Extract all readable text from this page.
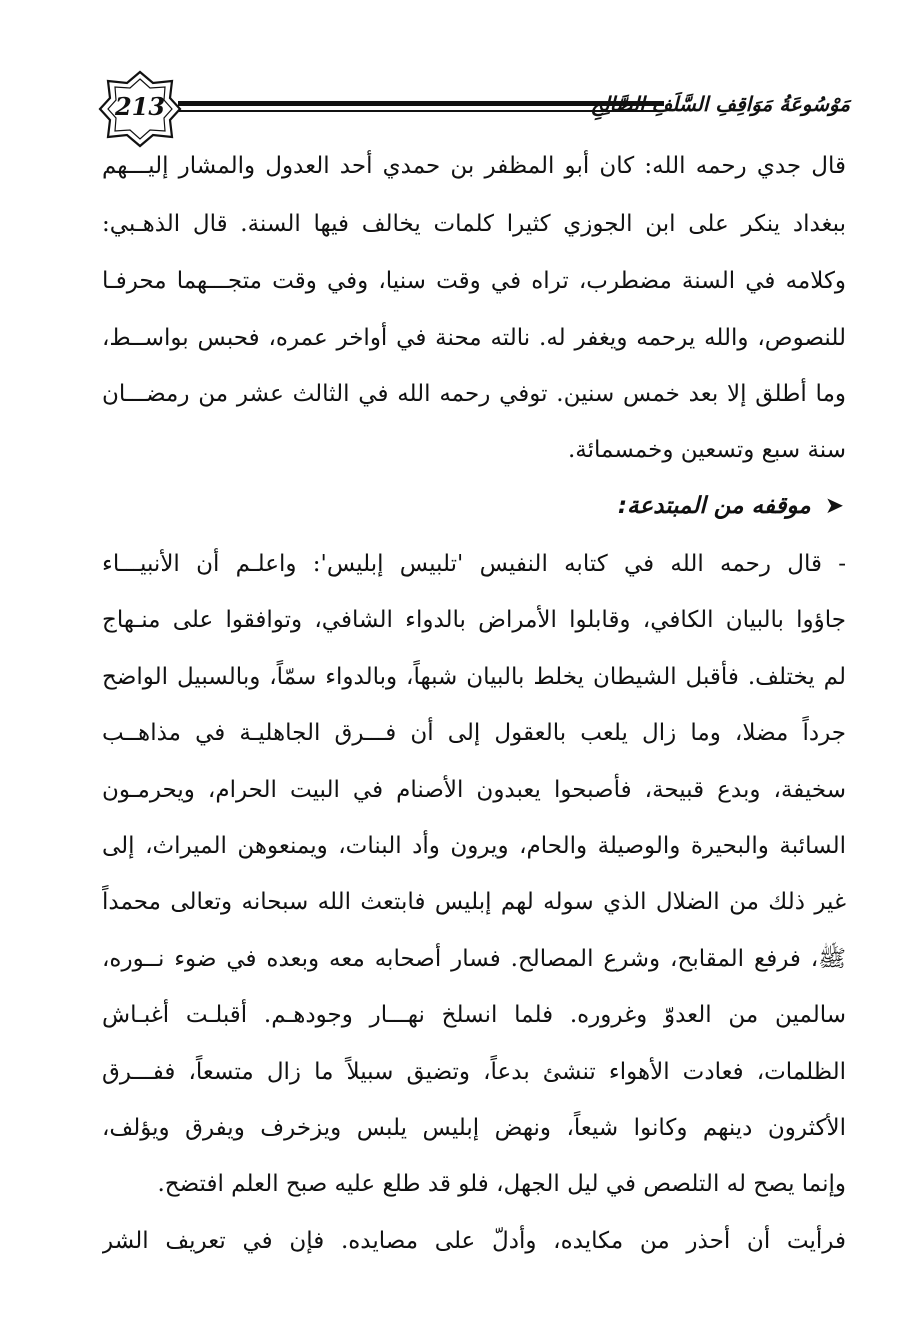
213	مَوْسُوعَةُ مَوَاقِفِ السَّلَفِ الصَّالِحِ
قال جدي رحمه الله: كان أبو المظفر بن حمدي أحد العدول والمشار إليـــهم
ببغداد ينكر على ابن الجوزي كثيرا كلمات يخالف فيها السنة. قال الذهـبي:
وكلامه في السنة مضطرب، تراه في وقت سنيا، وفي وقت متجـــهما محرفـا
للنصوص، والله يرحمه ويغفر له. نالته محنة في أواخر عمره، فحبس بواســط،
وما أطلق إلا بعد خمس سنين. توفي رحمه الله في الثالث عشر من رمضـــان
سنة سبع وتسعين وخمسمائة.
➤موقفه من المبتدعة:
- قال رحمه الله في كتابه النفيس 'تلبيس إبليس': واعلـم أن الأنبيـــاء
جاؤوا بالبيان الكافي، وقابلوا الأمراض بالدواء الشافي، وتوافقوا على منـهاج
لم يختلف. فأقبل الشيطان يخلط بالبيان شبهاً، وبالدواء سمّاً، وبالسبيل الواضح
جرداً مضلا، وما زال يلعب بالعقول إلى أن فـــرق الجاهليـة في مذاهــب
سخيفة، وبدع قبيحة، فأصبحوا يعبدون الأصنام في البيت الحرام، ويحرمـون
السائبة والبحيرة والوصيلة والحام، ويرون وأد البنات، ويمنعوهن الميراث، إلى
غير ذلك من الضلال الذي سوله لهم إبليس فابتعث الله سبحانه وتعالى محمداً
ﷺ، فرفع المقابح، وشرع المصالح. فسار أصحابه معه وبعده في ضوء نــوره،
سالمين من العدوّ وغروره. فلما انسلخ نهـــار وجودهـم. أقبلـت أغبـاش
الظلمات، فعادت الأهواء تنشئ بدعاً، وتضيق سبيلاً ما زال متسعاً، ففـــرق
الأكثرون دينهم وكانوا شيعاً، ونهض إبليس يلبس ويزخرف ويفرق ويؤلف،
وإنما يصح له التلصص في ليل الجهل، فلو قد طلع عليه صبح العلم افتضح.
فرأيت أن أحذر من مكايده، وأدلّ على مصايده. فإن في تعريف الشر
